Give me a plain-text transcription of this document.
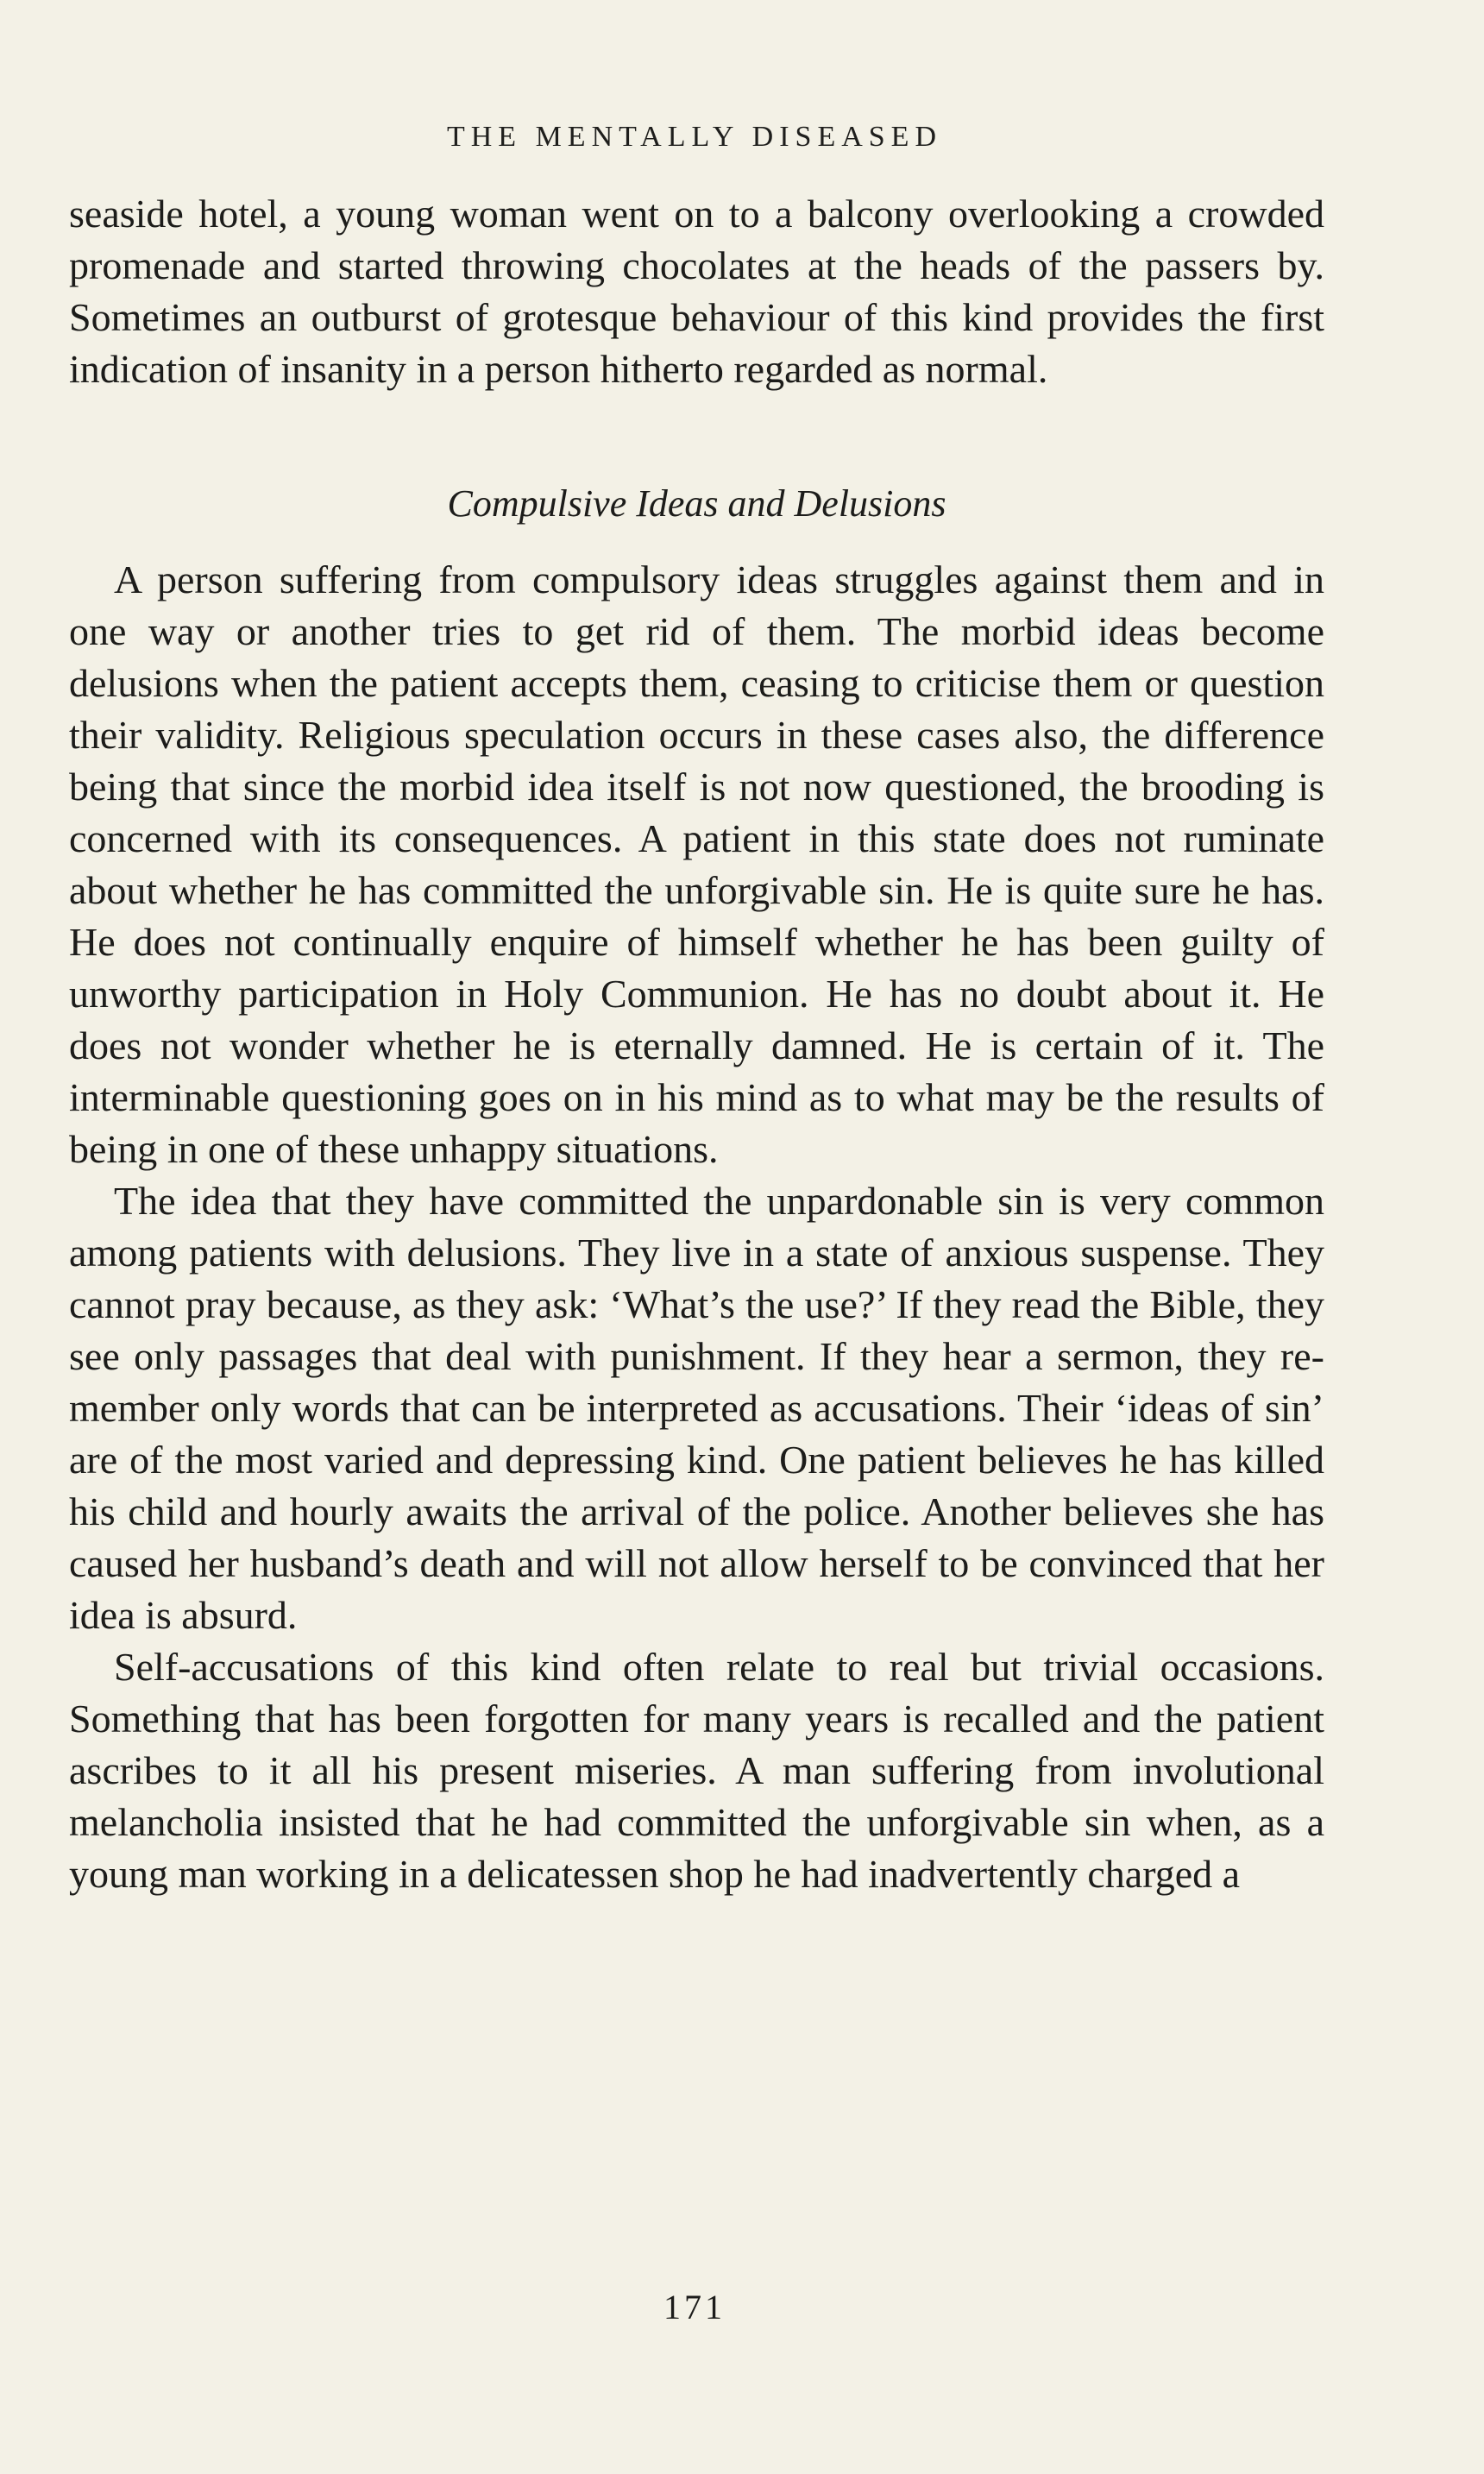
THE MENTALLY DISEASED

seaside hotel, a young woman went on to a balcony overlooking a crowded promenade and started throwing chocolates at the heads of the passers by. Sometimes an outburst of grotesque behaviour of this kind provides the first indication of insanity in a person hitherto regarded as normal.

Compulsive Ideas and Delusions

A person suffering from compulsory ideas struggles against them and in one way or another tries to get rid of them. The morbid ideas become delusions when the patient accepts them, ceasing to criticise them or question their validity. Religious speculation occurs in these cases also, the difference being that since the morbid idea itself is not now questioned, the brooding is concerned with its consequences. A patient in this state does not ruminate about whether he has committed the unforgivable sin. He is quite sure he has. He does not continually enquire of himself whether he has been guilty of unworthy participation in Holy Communion. He has no doubt about it. He does not wonder whether he is eternally damned. He is certain of it. The interminable questioning goes on in his mind as to what may be the results of being in one of these unhappy situations.

The idea that they have committed the unpardonable sin is very common among patients with delusions. They live in a state of anxious suspense. They cannot pray because, as they ask: ‘What’s the use?’ If they read the Bible, they see only passages that deal with punishment. If they hear a sermon, they remember only words that can be interpreted as accusations. Their ‘ideas of sin’ are of the most varied and depressing kind. One patient believes he has killed his child and hourly awaits the arrival of the police. Another believes she has caused her husband’s death and will not allow herself to be convinced that her idea is absurd.

Self-accusations of this kind often relate to real but trivial occasions. Something that has been forgotten for many years is recalled and the patient ascribes to it all his present miseries. A man suffering from involutional melancholia insisted that he had committed the unforgivable sin when, as a young man working in a delicatessen shop he had inadvertently charged a

171
